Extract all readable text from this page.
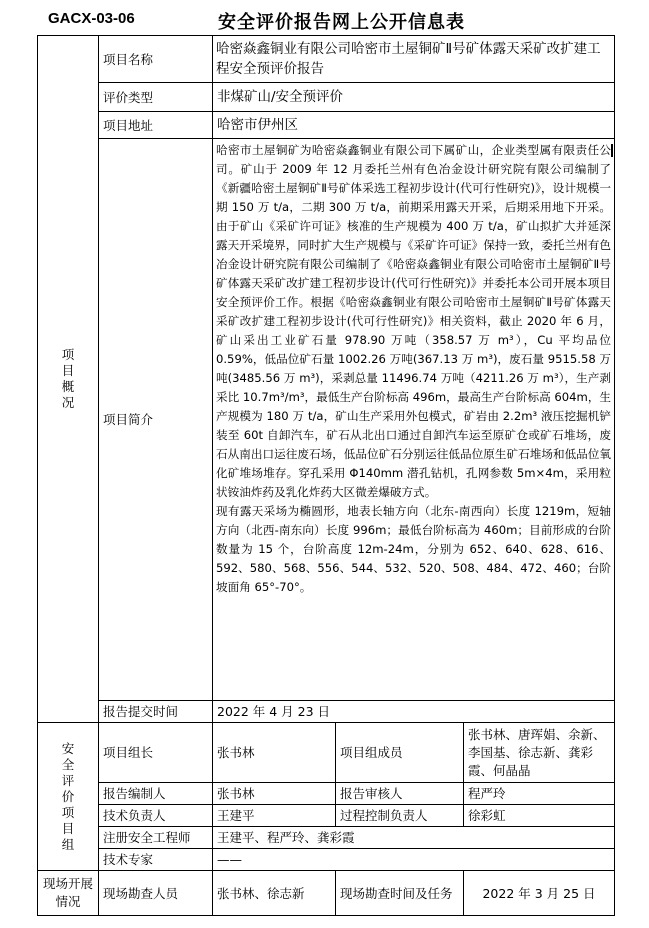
GACX-03-06	安全评价报告网上公开信息表
项目概况	项目名称	哈密焱鑫铜业有限公司哈密市土屋铜矿Ⅱ号矿体露天采矿改扩建工程安全预评价报告		
	评价类型	非煤矿山/安全预评价		
	项目地址	哈密市伊州区		
	项目简介	哈密市土屋铜矿为哈密焱鑫铜业有限公司下属矿山，企业类型属有限责任公司。矿山于 2009 年 12 月委托兰州有色冶金设计研究院有限公司编制了《新疆哈密土屋铜矿Ⅱ号矿体采选工程初步设计(代可行性研究)》，设计规模一期 150 万 t/a，二期 300 万 t/a，前期采用露天开采，后期采用地下开采。由于矿山《采矿许可证》核准的生产规模为 400 万 t/a，矿山拟扩大并延深露天开采境界，同时扩大生产规模与《采矿许可证》保持一致，委托兰州有色冶金设计研究院有限公司编制了《哈密焱鑫铜业有限公司哈密市土屋铜矿Ⅱ号矿体露天采矿改扩建工程初步设计(代可行性研究)》并委托本公司开展本项目安全预评价工作。根据《哈密焱鑫铜业有限公司哈密市土屋铜矿Ⅱ号矿体露天采矿改扩建工程初步设计(代可行性研究)》相关资料，截止 2020 年 6 月，矿山采出工业矿石量 978.90 万吨（358.57 万 m³），Cu 平均品位 0.59%，低品位矿石量 1002.26 万吨(367.13 万 m³)，废石量 9515.58 万吨(3485.56 万 m³)，采剥总量 11496.74 万吨（4211.26 万 m³），生产剥采比 10.7m³/m³，最低生产台阶标高 496m，最高生产台阶标高 604m，生产规模为 180 万 t/a，矿山生产采用外包模式，矿岩由 2.2m³ 液压挖掘机铲装至 60t 自卸汽车，矿石从北出口通过自卸汽车运至原矿仓或矿石堆场，废石从南出口运往废石场，低品位矿石分别运往低品位原生矿石堆场和低品位氧化矿堆场堆存。穿孔采用 Φ140mm 潜孔钻机，孔网参数 5m×4m，采用粒状铵油炸药及乳化炸药大区微差爆破方式。

现有露天采场为椭圆形，地表长轴方向（北东-南西向）长度 1219m，短轴方向（北西-南东向）长度 996m；最低台阶标高为 460m；目前形成的台阶数量为 15 个，台阶高度 12m-24m，分别为 652、640、628、616、592、580、568、556、544、532、520、508、484、472、460；台阶坡面角 65°-70°。		

	报告提交时间	2022 年 4 月 23 日		
安全评价项目组	项目组长	张书林	项目组成员	张书林、唐珲娟、余新、李国基、徐志新、龚彩霞、何晶晶
	报告编制人	张书林	报告审核人	程严玲
	技术负责人	王建平	过程控制负责人	徐彩虹
	注册安全工程师	王建平、程严玲、龚彩霞		
	技术专家	——		

现场开展情况	现场勘查人员	张书林、徐志新	现场勘查时间及任务	2022 年 3 月 25 日
